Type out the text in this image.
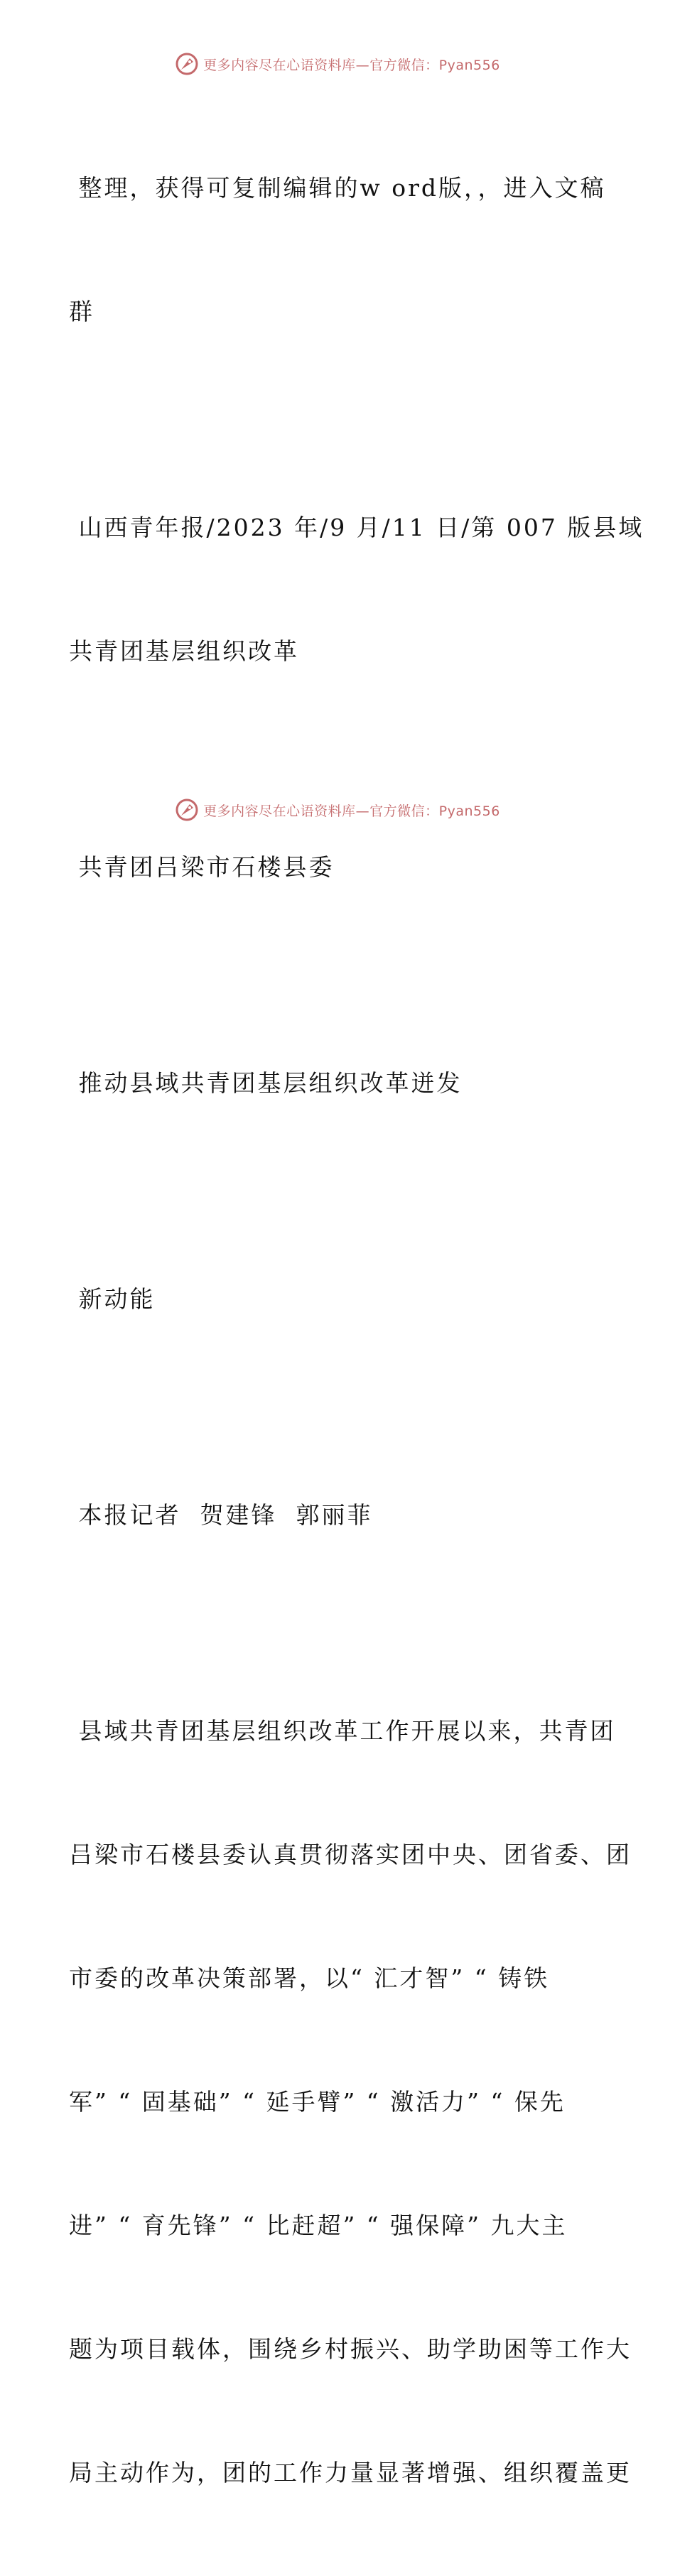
更多内容尽在心语资料库—官方微信：Pyan556

整理，获得可复制编辑的w ord版，，进入文稿

群

山西青年报/2023 年/9 月/11 日/第 007 版县域

共青团基层组织改革

共青团吕梁市石楼县委

推动县域共青团基层组织改革迸发

新动能

本报记者  贺建锋  郭丽菲

县域共青团基层组织改革工作开展以来，共青团

吕梁市石楼县委认真贯彻落实团中央、团省委、团

市委的改革决策部署，以“ 汇才智” “ 铸铁

军” “ 固基础” “ 延手臂” “ 激活力” “ 保先

进” “ 育先锋” “ 比赶超” “ 强保障” 九大主

题为项目载体，围绕乡村振兴、助学助困等工作大

局主动作为，团的工作力量显著增强、组织覆盖更

更多内容尽在心语资料库—官方微信：Pyan556
